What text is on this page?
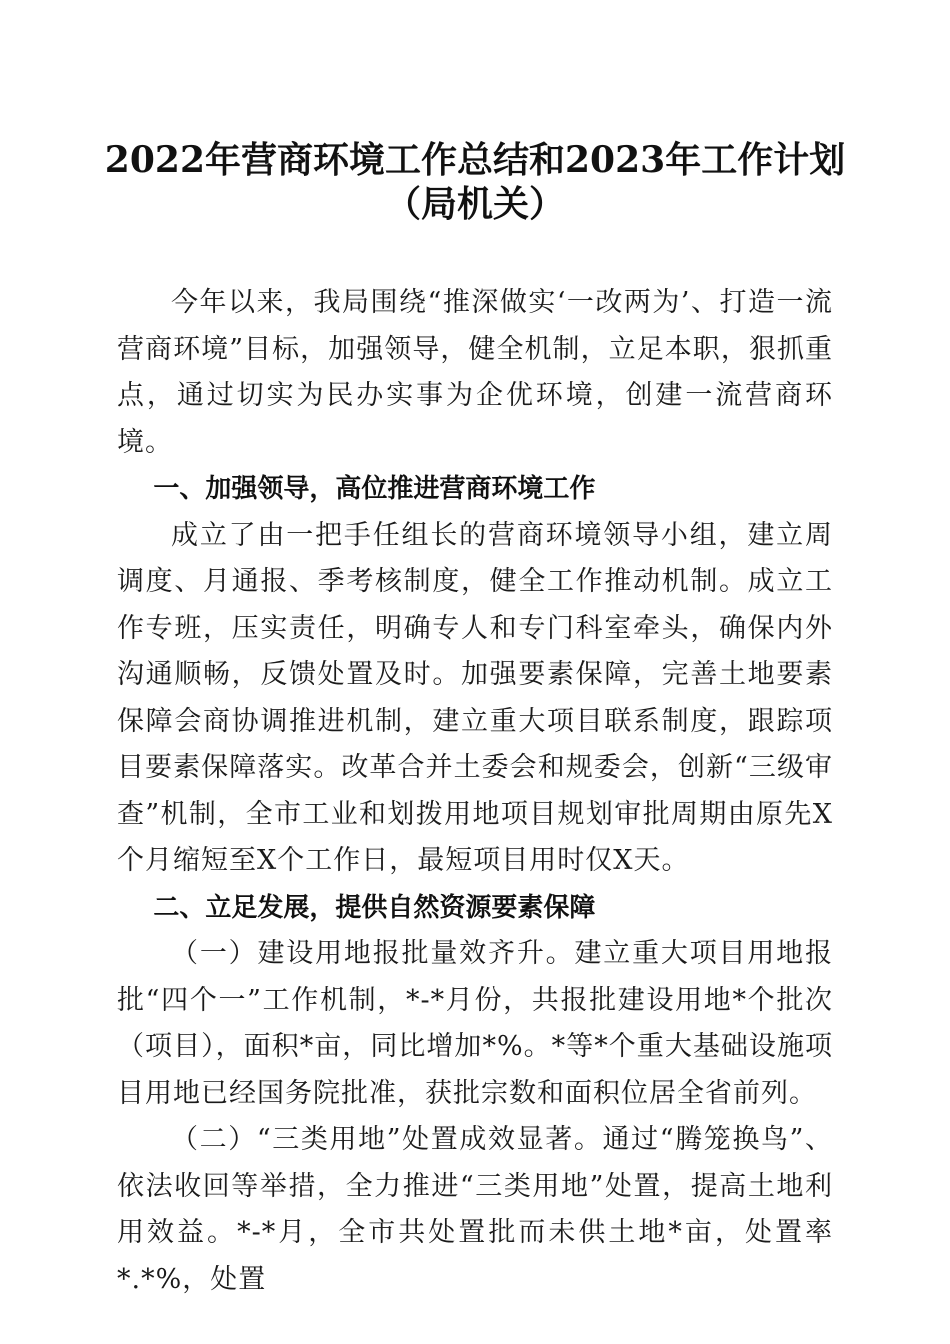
2022年营商环境工作总结和2023年工作计划
（局机关）

今年以来，我局围绕“推深做实‘一改两为’、打造一流营商环境”目标，加强领导，健全机制，立足本职，狠抓重点，通过切实为民办实事为企优环境，创建一流营商环境。

一、加强领导，高位推进营商环境工作

成立了由一把手任组长的营商环境领导小组，建立周调度、月通报、季考核制度，健全工作推动机制。成立工作专班，压实责任，明确专人和专门科室牵头，确保内外沟通顺畅，反馈处置及时。加强要素保障，完善土地要素保障会商协调推进机制，建立重大项目联系制度，跟踪项目要素保障落实。改革合并土委会和规委会，创新“三级审查”机制，全市工业和划拨用地项目规划审批周期由原先X个月缩短至X个工作日，最短项目用时仅X天。

二、立足发展，提供自然资源要素保障

（一）建设用地报批量效齐升。建立重大项目用地报批“四个一”工作机制，*-*月份，共报批建设用地*个批次（项目），面积*亩，同比增加*%。*等*个重大基础设施项目用地已经国务院批准，获批宗数和面积位居全省前列。

（二）“三类用地”处置成效显著。通过“腾笼换鸟”、依法收回等举措，全力推进“三类用地”处置，提高土地利用效益。*-*月，全市共处置批而未供土地*亩，处置率*.*%，处置
